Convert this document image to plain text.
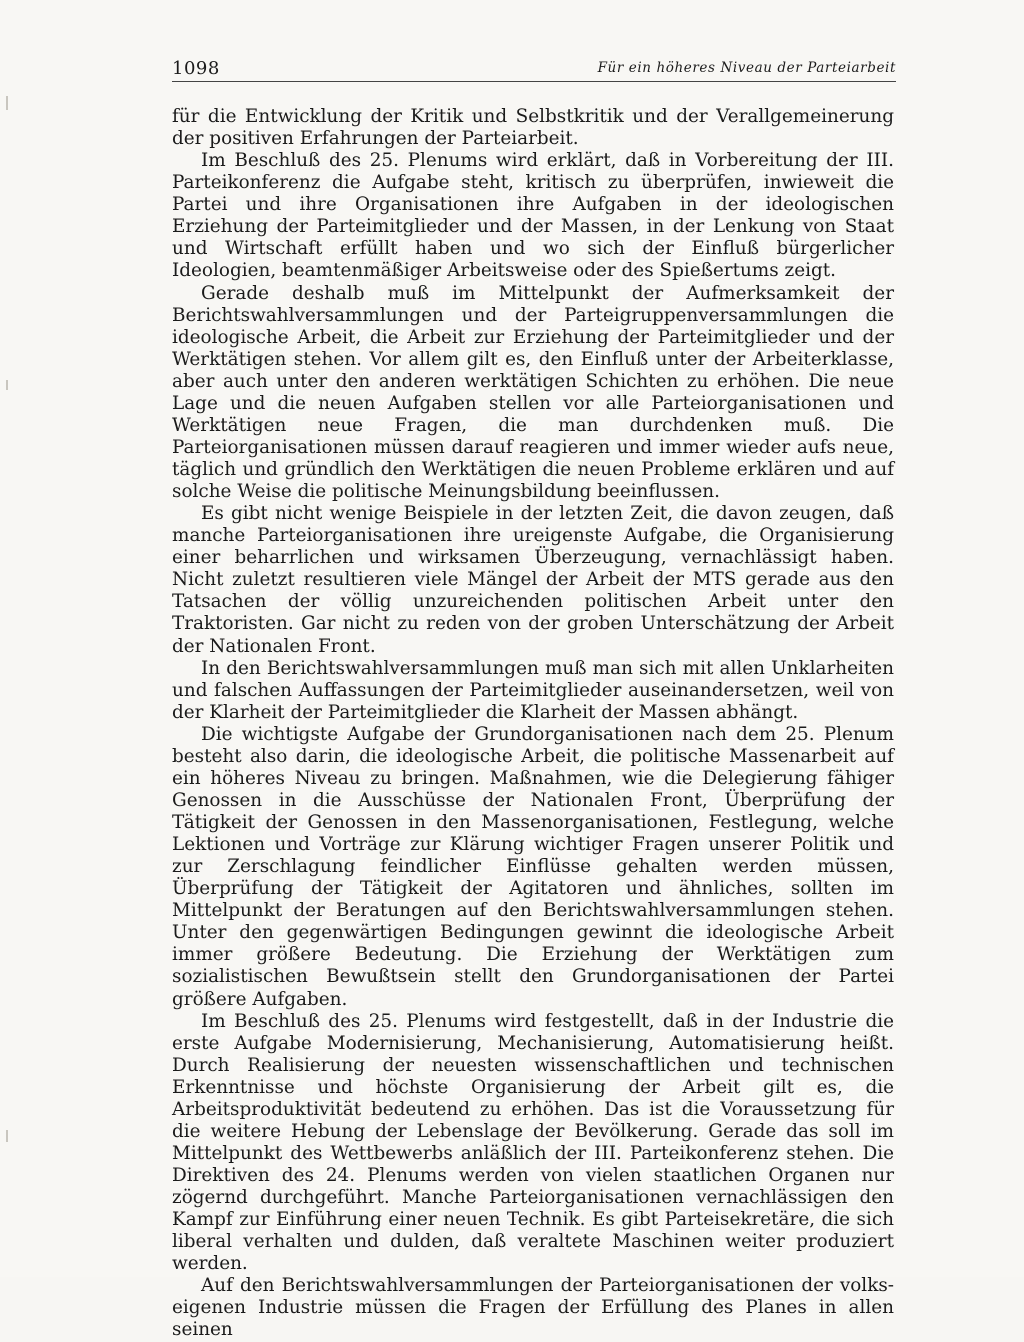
1098	Für ein höheres Niveau der Parteiarbeit

für die Entwicklung der Kritik und Selbstkritik und der Verallgemeinerung der positiven Erfahrungen der Parteiarbeit.

Im Beschluß des 25. Plenums wird erklärt, daß in Vorbereitung der III. Parteikonferenz die Aufgabe steht, kritisch zu überprüfen, inwieweit die Partei und ihre Organisationen ihre Aufgaben in der ideologischen Erziehung der Parteimitglieder und der Massen, in der Lenkung von Staat und Wirtschaft erfüllt haben und wo sich der Einfluß bürgerlicher Ideologien, beamtenmäßiger Arbeitsweise oder des Spießertums zeigt.

Gerade deshalb muß im Mittelpunkt der Aufmerksamkeit der Berichtswahlversammlungen und der Parteigruppenversammlungen die ideologische Arbeit, die Arbeit zur Erziehung der Parteimitglieder und der Werktätigen stehen. Vor allem gilt es, den Einfluß unter der Arbeiterklasse, aber auch unter den anderen werktätigen Schichten zu erhöhen. Die neue Lage und die neuen Aufgaben stellen vor alle Parteiorganisationen und Werktätigen neue Fragen, die man durchdenken muß. Die Parteiorganisationen müssen darauf reagieren und immer wieder aufs neue, täglich und gründlich den Werktätigen die neuen Probleme erklären und auf solche Weise die politische Meinungsbildung beeinflussen.

Es gibt nicht wenige Beispiele in der letzten Zeit, die davon zeugen, daß manche Parteiorganisationen ihre ureigenste Aufgabe, die Organisierung einer beharrlichen und wirksamen Überzeugung, vernachlässigt haben. Nicht zuletzt resultieren viele Mängel der Arbeit der MTS gerade aus den Tatsachen der völlig unzureichenden politischen Arbeit unter den Traktoristen. Gar nicht zu reden von der groben Unterschätzung der Arbeit der Nationalen Front.

In den Berichtswahlversammlungen muß man sich mit allen Unklarheiten und falschen Auffassungen der Parteimitglieder auseinandersetzen, weil von der Klarheit der Parteimitglieder die Klarheit der Massen abhängt.

Die wichtigste Aufgabe der Grundorganisationen nach dem 25. Plenum besteht also darin, die ideologische Arbeit, die politische Massenarbeit auf ein höheres Niveau zu bringen. Maßnahmen, wie die Delegierung fähiger Genossen in die Ausschüsse der Nationalen Front, Überprüfung der Tätigkeit der Genossen in den Massenorganisationen, Festlegung, welche Lektionen und Vorträge zur Klärung wichtiger Fragen unserer Politik und zur Zerschlagung feindlicher Einflüsse gehalten werden müssen, Überprüfung der Tätigkeit der Agitatoren und ähnliches, sollten im Mittelpunkt der Beratungen auf den Berichtswahlversammlungen stehen. Unter den gegenwärtigen Bedingungen gewinnt die ideologische Arbeit immer größere Bedeutung. Die Erziehung der Werktätigen zum sozialistischen Bewußtsein stellt den Grundorganisationen der Partei größere Aufgaben.

Im Beschluß des 25. Plenums wird festgestellt, daß in der Industrie die erste Aufgabe Modernisierung, Mechanisierung, Automatisierung heißt. Durch Realisierung der neuesten wissenschaftlichen und technischen Erkenntnisse und höchste Organisierung der Arbeit gilt es, die Arbeitsproduktivität bedeutend zu erhöhen. Das ist die Voraussetzung für die weitere Hebung der Lebenslage der Bevölkerung. Gerade das soll im Mittelpunkt des Wettbewerbs anläßlich der III. Parteikonferenz stehen. Die Direktiven des 24. Plenums werden von vielen staatlichen Organen nur zögernd durchgeführt. Manche Parteiorganisationen vernachlässigen den Kampf zur Einführung einer neuen Technik. Es gibt Parteisekretäre, die sich liberal verhalten und dulden, daß veraltete Maschinen weiter produziert werden.

Auf den Berichtswahlversammlungen der Parteiorganisationen der volkseigenen Industrie müssen die Fragen der Erfüllung des Planes in allen seinen
